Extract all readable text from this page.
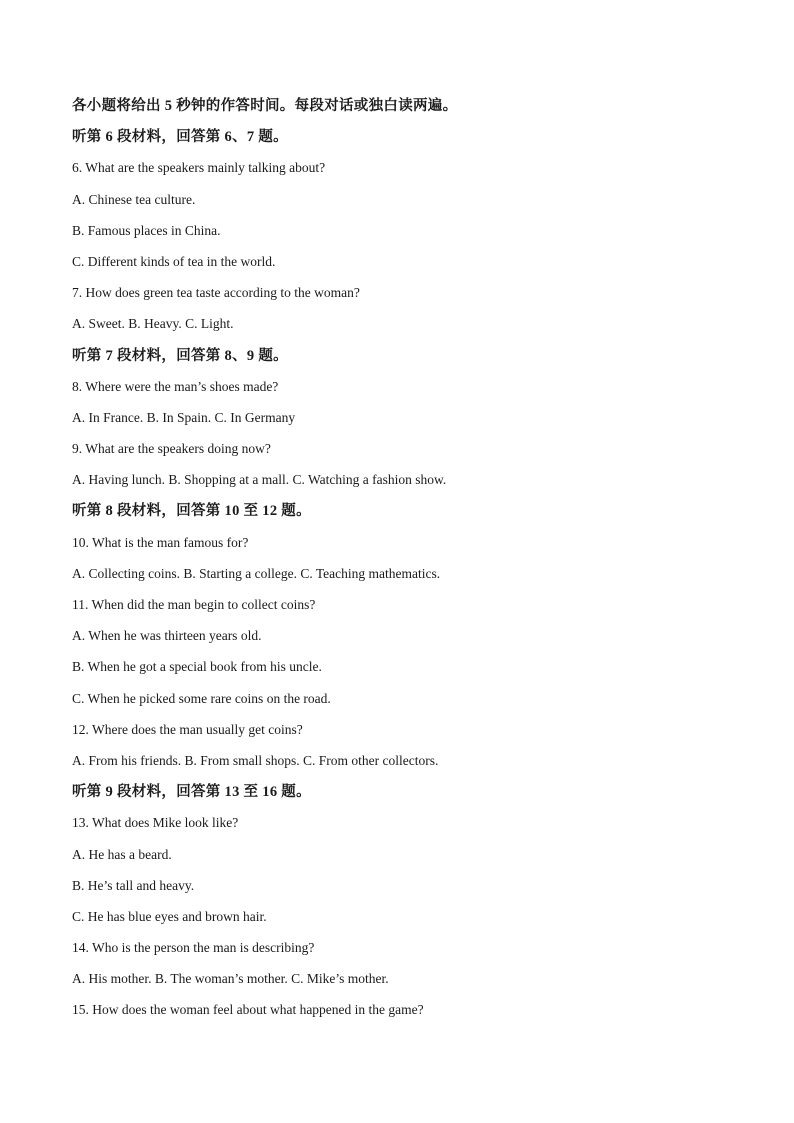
各小题将给出 5 秒钟的作答时间。每段对话或独白读两遍。
听第 6 段材料，回答第 6、7 题。
6. What are the speakers mainly talking about?
A. Chinese tea culture.
B. Famous places in China.
C. Different kinds of tea in the world.
7. How does green tea taste according to the woman?
A. Sweet. B. Heavy. C. Light.
听第 7 段材料，回答第 8、9 题。
8. Where were the man’s shoes made?
A. In France. B. In Spain. C. In Germany
9. What are the speakers doing now?
A. Having lunch. B. Shopping at a mall. C. Watching a fashion show.
听第 8 段材料，回答第 10 至 12 题。
10. What is the man famous for?
A. Collecting coins. B. Starting a college. C. Teaching mathematics.
11. When did the man begin to collect coins?
A. When he was thirteen years old.
B. When he got a special book from his uncle.
C. When he picked some rare coins on the road.
12. Where does the man usually get coins?
A. From his friends. B. From small shops. C. From other collectors.
听第 9 段材料，回答第 13 至 16 题。
13. What does Mike look like?
A. He has a beard.
B. He’s tall and heavy.
C. He has blue eyes and brown hair.
14. Who is the person the man is describing?
A. His mother. B. The woman’s mother. C. Mike’s mother.
15. How does the woman feel about what happened in the game?
